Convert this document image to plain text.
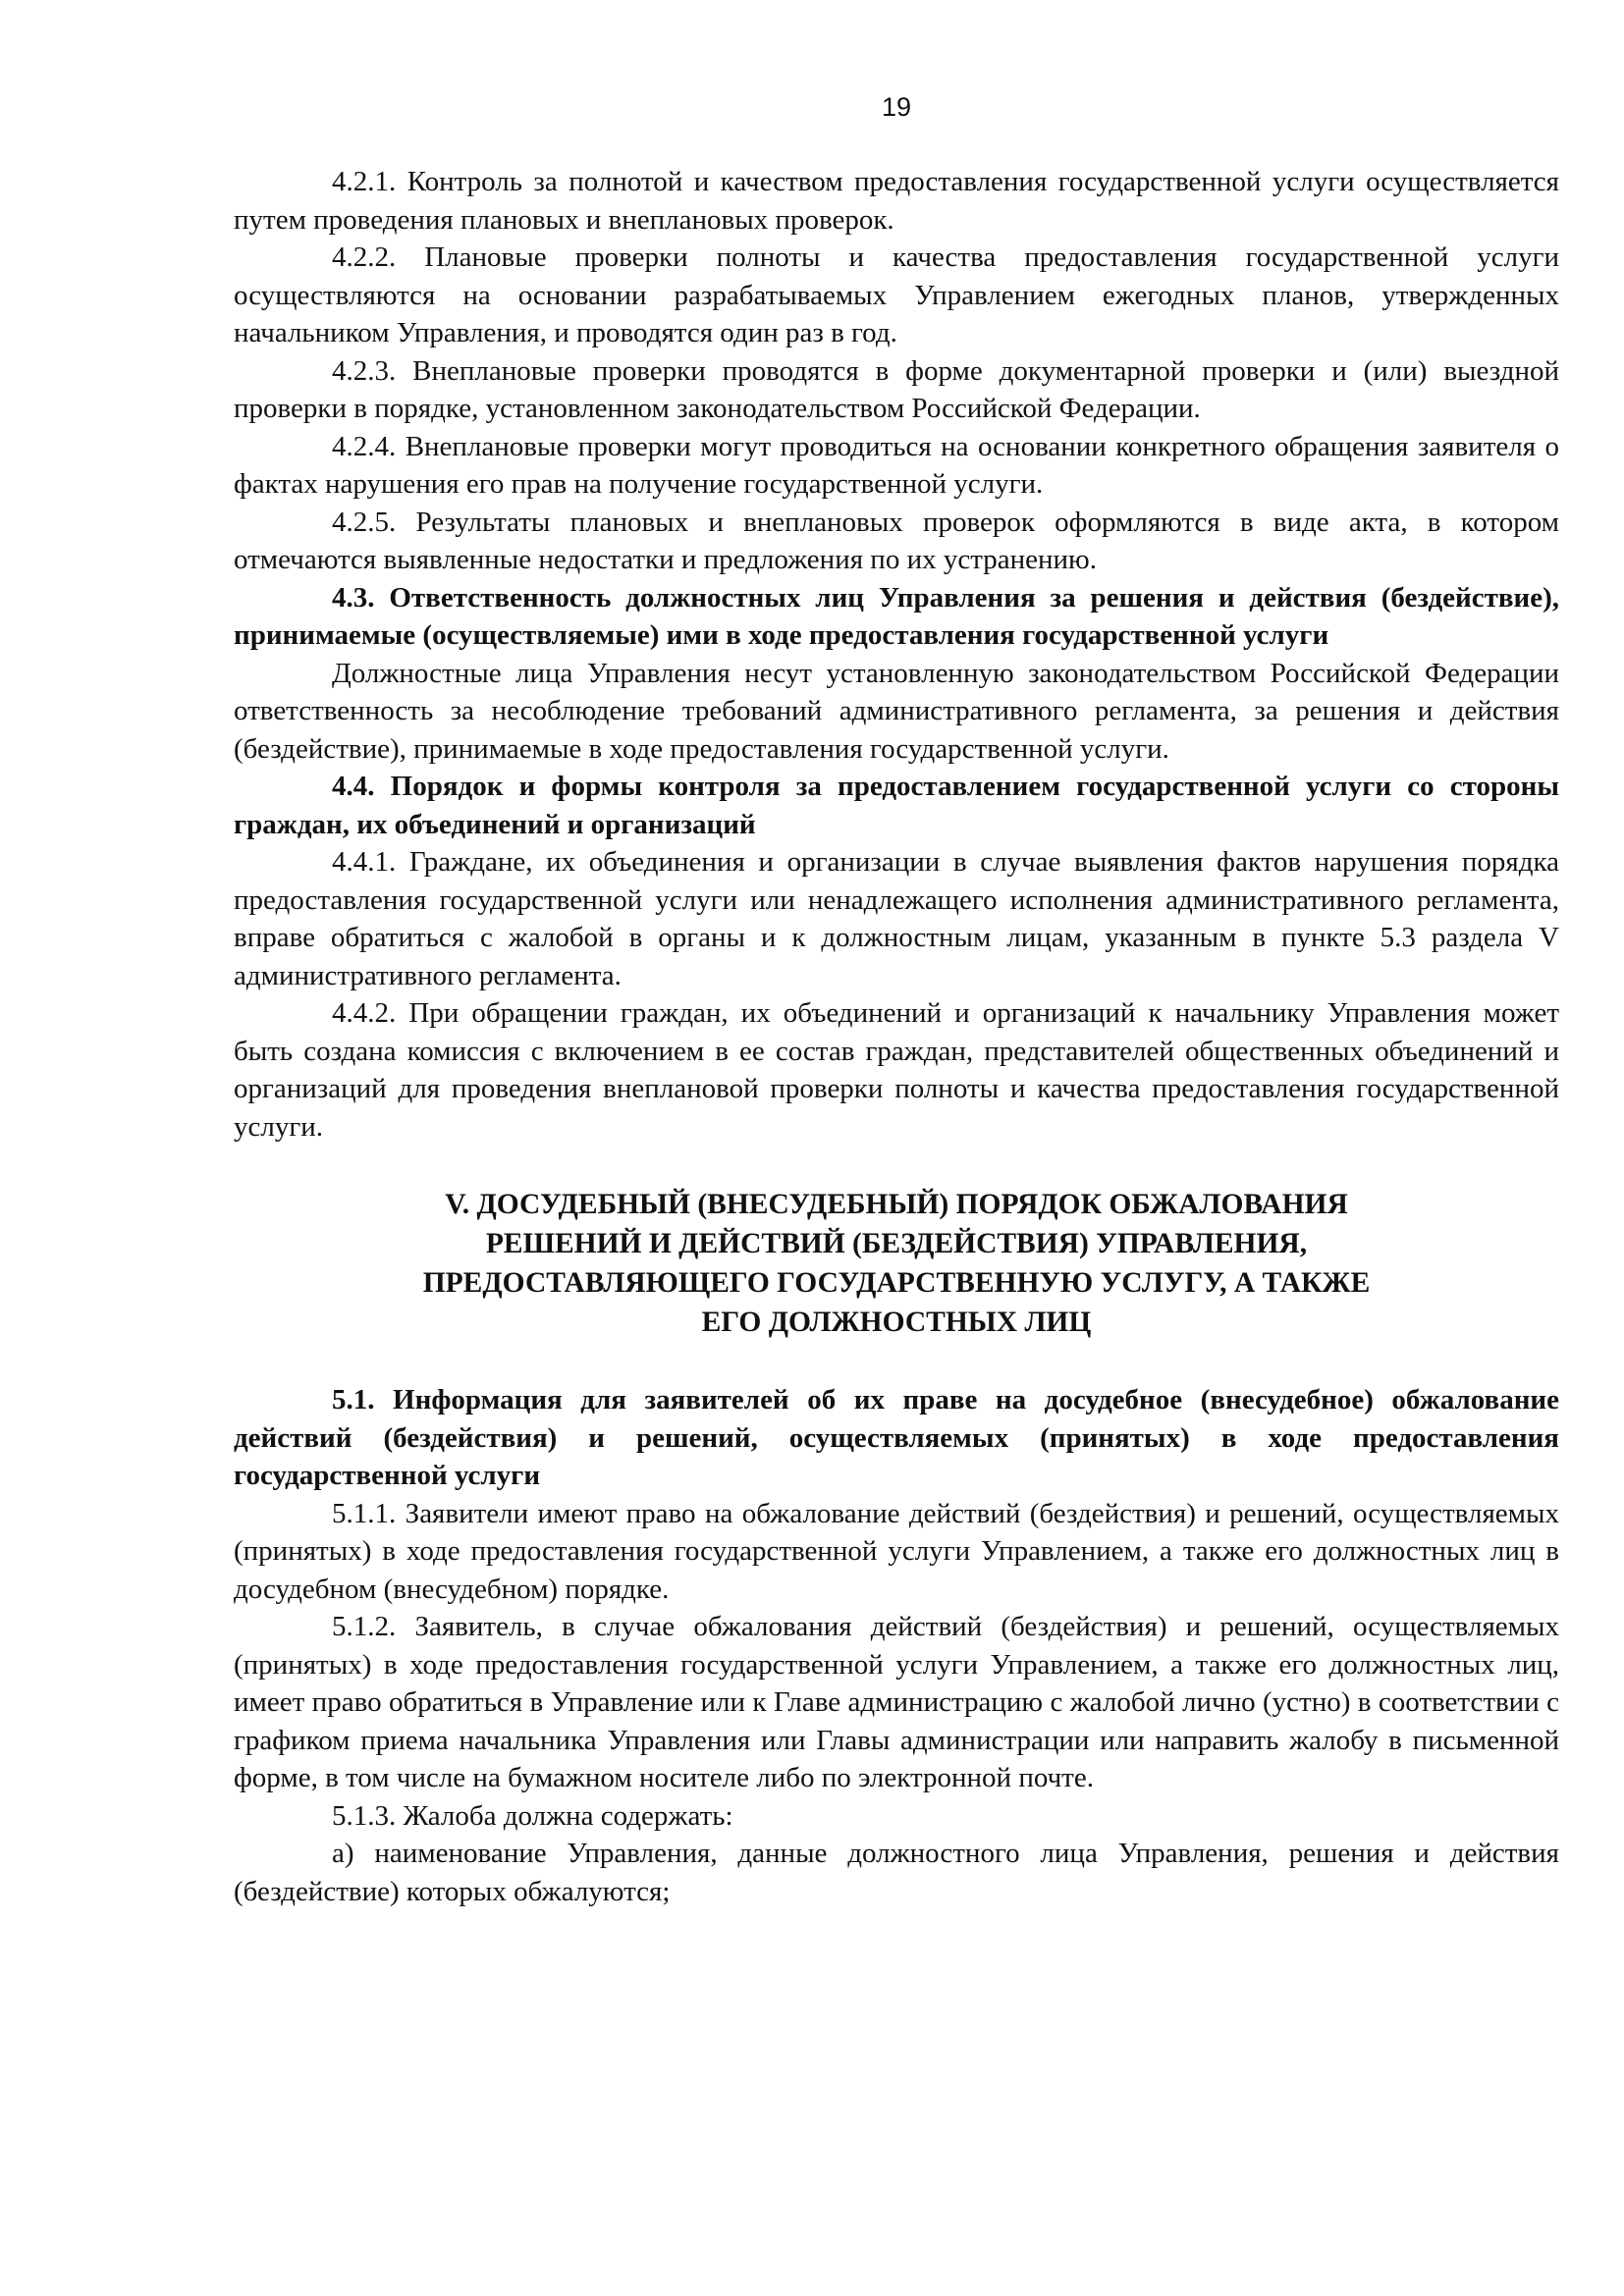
19

4.2.1. Контроль за полнотой и качеством предоставления государственной услуги осуществляется путем проведения плановых и внеплановых проверок.

4.2.2. Плановые проверки полноты и качества предоставления государственной услуги осуществляются на основании разрабатываемых Управлением ежегодных планов, утвержденных начальником Управления, и проводятся один раз в год.

4.2.3. Внеплановые проверки проводятся в форме документарной проверки и (или) выездной проверки в порядке, установленном законодательством Российской Федерации.

4.2.4. Внеплановые проверки могут проводиться на основании конкретного обращения заявителя о фактах нарушения его прав на получение государственной услуги.

4.2.5. Результаты плановых и внеплановых проверок оформляются в виде акта, в котором отмечаются выявленные недостатки и предложения по их устранению.

4.3. Ответственность должностных лиц Управления за решения и действия (бездействие), принимаемые (осуществляемые) ими в ходе предоставления государственной услуги

Должностные лица Управления несут установленную законодательством Российской Федерации ответственность за несоблюдение требований административного регламента, за решения и действия (бездействие), принимаемые в ходе предоставления государственной услуги.

4.4. Порядок и формы контроля за предоставлением государственной услуги со стороны граждан, их объединений и организаций

4.4.1. Граждане, их объединения и организации в случае выявления фактов нарушения порядка предоставления государственной услуги или ненадлежащего исполнения административного регламента, вправе обратиться с жалобой в органы и к должностным лицам, указанным в пункте 5.3 раздела V административного регламента.

4.4.2. При обращении граждан, их объединений и организаций к начальнику Управления может быть создана комиссия с включением в ее состав граждан, представителей общественных объединений и организаций для проведения внеплановой проверки полноты и качества предоставления государственной услуги.

V. ДОСУДЕБНЫЙ (ВНЕСУДЕБНЫЙ) ПОРЯДОК ОБЖАЛОВАНИЯ
РЕШЕНИЙ И ДЕЙСТВИЙ (БЕЗДЕЙСТВИЯ) УПРАВЛЕНИЯ,
ПРЕДОСТАВЛЯЮЩЕГО ГОСУДАРСТВЕННУЮ УСЛУГУ, А ТАКЖЕ
ЕГО ДОЛЖНОСТНЫХ ЛИЦ

5.1. Информация для заявителей об их праве на досудебное (внесудебное) обжалование действий (бездействия) и решений, осуществляемых (принятых) в ходе предоставления государственной услуги

5.1.1. Заявители имеют право на обжалование действий (бездействия) и решений, осуществляемых (принятых) в ходе предоставления государственной услуги Управлением, а также его должностных лиц в досудебном (внесудебном) порядке.

5.1.2. Заявитель, в случае обжалования действий (бездействия) и решений, осуществляемых (принятых) в ходе предоставления государственной услуги Управлением, а также его должностных лиц, имеет право обратиться в Управление или к Главе администрацию с жалобой лично (устно) в соответствии с графиком приема начальника Управления или Главы администрации или направить жалобу в письменной форме, в том числе на бумажном носителе либо по электронной почте.

5.1.3. Жалоба должна содержать:

а) наименование Управления, данные должностного лица Управления, решения и действия (бездействие) которых обжалуются;
